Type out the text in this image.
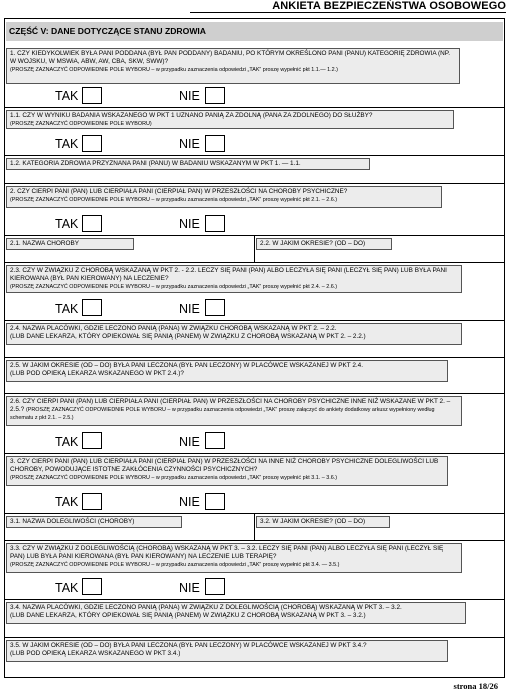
ANKIETA BEZPIECZEŃSTWA OSOBOWEGO
CZĘŚĆ V: DANE DOTYCZĄCE STANU ZDROWIA
1. CZY KIEDYKOLWIEK BYŁA PANI PODDANA (BYŁ PAN PODDANY) BADANIU, PO KTÓRYM OKREŚLONO PANI (PANU) KATEGORIĘ ZDROWIA (NP. W WOJSKU, W MSWiA, ABW, AW, CBA, SKW, SWW)?
(PROSZĘ ZAZNACZYĆ ODPOWIEDNIE POLE WYBORU – w przypadku zaznaczenia odpowiedzi „TAK” proszę wypełnić pkt 1.1.— 1.2.)
TAK	NIE
1.1. CZY W WYNIKU BADANIA WSKAZANEGO W PKT 1 UZNANO PANIĄ ZA ZDOLNĄ (PANA ZA ZDOLNEGO) DO SŁUŻBY?
(PROSZĘ ZAZNACZYĆ ODPOWIEDNIE POLE WYBORU)
TAK	NIE
1.2. KATEGORIA ZDROWIA PRZYZNANA PANI (PANU) W BADANIU WSKAZANYM W PKT 1. — 1.1.
2. CZY CIERPI PANI (PAN) LUB CIERPIAŁA PANI (CIERPIAŁ PAN) W PRZESZŁOŚCI NA CHOROBY PSYCHICZNE?
(PROSZĘ ZAZNACZYĆ ODPOWIEDNIE POLE WYBORU – w przypadku zaznaczenia odpowiedzi „TAK” proszę wypełnić pkt 2.1. – 2.6.)
TAK	NIE
2.1. NAZWA CHOROBY	2.2. W JAKIM OKRESIE? (OD – DO)
2.3. CZY W ZWIĄZKU Z CHOROBĄ WSKAZANĄ W PKT 2. - 2.2. LECZY SIĘ PANI (PAN) ALBO LECZYŁA SIĘ PANI (LECZYŁ SIĘ PAN) LUB BYŁA PANI KIEROWANA (BYŁ PAN KIEROWANY) NA LECZENIE?
(PROSZĘ ZAZNACZYĆ ODPOWIEDNIE POLE WYBORU – w przypadku zaznaczenia odpowiedzi „TAK” proszę wypełnić pkt 2.4. – 2.6.)
TAK	NIE
2.4. NAZWA PLACÓWKI, GDZIE LECZONO PANIĄ (PANA) W ZWIĄZKU CHOROBĄ WSKAZANĄ W PKT 2. – 2.2.
(LUB DANE LEKARZA, KTÓRY OPIEKOWAŁ SIĘ PANIĄ (PANEM) W ZWIĄZKU Z CHOROBĄ WSKAZANĄ W PKT 2. – 2.2.)
2.5. W JAKIM OKRESIE (OD – DO) BYŁA PANI LECZONA (BYŁ PAN LECZONY) W PLACÓWCE WSKAZANEJ W PKT 2.4.
(LUB POD OPIEKĄ LEKARZA WSKAZANEGO W PKT 2.4.)?
2.6. CZY CIERPI PANI (PAN) LUB CIERPIAŁA PANI (CIERPIAŁ PAN) W PRZESZŁOŚCI NA CHOROBY PSYCHICZNE INNE NIŻ WSKAZANE W PKT 2. – 2.5.? (PROSZĘ ZAZNACZYĆ ODPOWIEDNIE POLE WYBORU – w przypadku zaznaczenia odpowiedzi „TAK” proszę załączyć do ankiety dodatkowy arkusz wypełniony według schematu z pkt 2.1. – 2.5.)
TAK	NIE
3. CZY CIERPI PANI (PAN) LUB CIERPIAŁA PANI (CIERPIAŁ PAN) W PRZESZŁOŚCI NA INNE NIŻ CHOROBY PSYCHICZNE DOLEGLIWOŚCI LUB CHOROBY, POWODUJĄCE ISTOTNE ZAKŁÓCENIA CZYNNOŚCI PSYCHICZNYCH?
(PROSZĘ ZAZNACZYĆ ODPOWIEDNIE POLE WYBORU – w przypadku zaznaczenia odpowiedzi „TAK” proszę wypełnić pkt 3.1. – 3.6.)
TAK	NIE
3.1. NAZWA DOLEGLIWOŚCI (CHOROBY)	3.2. W JAKIM OKRESIE? (OD – DO)
3.3. CZY W ZWIĄZKU Z DOLEGLIWOŚCIĄ (CHOROBĄ) WSKAZANĄ W PKT 3. – 3.2. LECZY SIĘ PANI (PAN) ALBO LECZYŁA SIĘ PANI (LECZYŁ SIĘ PAN) LUB BYŁA PANI KIEROWANA (BYŁ PAN KIEROWANY) NA LECZENIE LUB TERAPIĘ?
(PROSZĘ ZAZNACZYĆ ODPOWIEDNIE POLE WYBORU – w przypadku zaznaczenia odpowiedzi „TAK” proszę wypełnić pkt 3.4. — 3.5.)
TAK	NIE
3.4. NAZWA PLACÓWKI, GDZIE LECZONO PANIĄ (PANA) W ZWIĄZKU Z DOLEGLIWOŚCIĄ (CHOROBĄ) WSKAZANĄ W PKT 3. – 3.2.
(LUB DANE LEKARZA, KTÓRY OPIEKOWAŁ SIĘ PANIĄ (PANEM) W ZWIĄZKU Z CHOROBĄ WSKAZANĄ W PKT 3. – 3.2.)
3.5. W JAKIM OKRESIE (OD – DO) BYŁA PANI LECZONA (BYŁ PAN LECZONY) W PLACÓWCE WSKAZANEJ W PKT 3.4.?
(LUB POD OPIEKĄ LEKARZA WSKAZANEGO W PKT 3.4.)
strona 18/26
